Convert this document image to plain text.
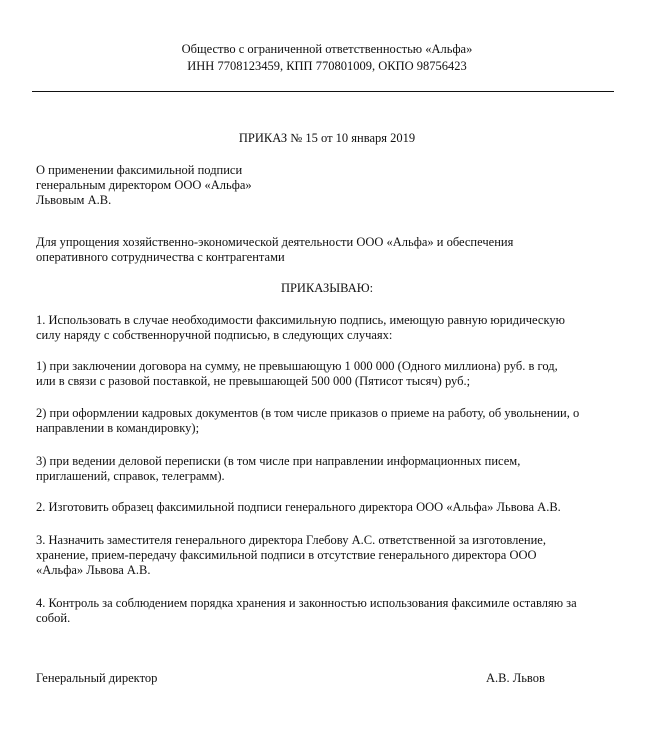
Общество с ограниченной ответственностью «Альфа»
ИНН 7708123459, КПП 770801009, ОКПО 98756423
ПРИКАЗ № 15 от 10 января 2019
О применении факсимильной подписи
генеральным директором ООО «Альфа»
Львовым А.В.
Для упрощения хозяйственно-экономической деятельности ООО «Альфа» и обеспечения
оперативного сотрудничества с контрагентами
ПРИКАЗЫВАЮ:
1. Использовать в случае необходимости факсимильную подпись, имеющую равную юридическую
силу наряду с собственноручной подписью, в следующих случаях:
1) при заключении договора на сумму, не превышающую 1 000 000 (Одного миллиона) руб. в год,
или в связи с разовой поставкой, не превышающей 500 000 (Пятисот тысяч) руб.;
2) при оформлении кадровых документов (в том числе приказов о приеме на работу, об увольнении, о
направлении в командировку);
3) при ведении деловой переписки (в том числе при направлении информационных писем,
приглашений, справок, телеграмм).
2. Изготовить образец факсимильной подписи генерального директора ООО «Альфа» Львова А.В.
3. Назначить заместителя генерального директора Глебову А.С. ответственной за изготовление,
хранение, прием-передачу факсимильной подписи в отсутствие генерального директора ООО
«Альфа» Львова А.В.
4. Контроль за соблюдением порядка хранения и законностью использования факсимиле оставляю за
собой.
Генеральный директор	А.В. Львов
